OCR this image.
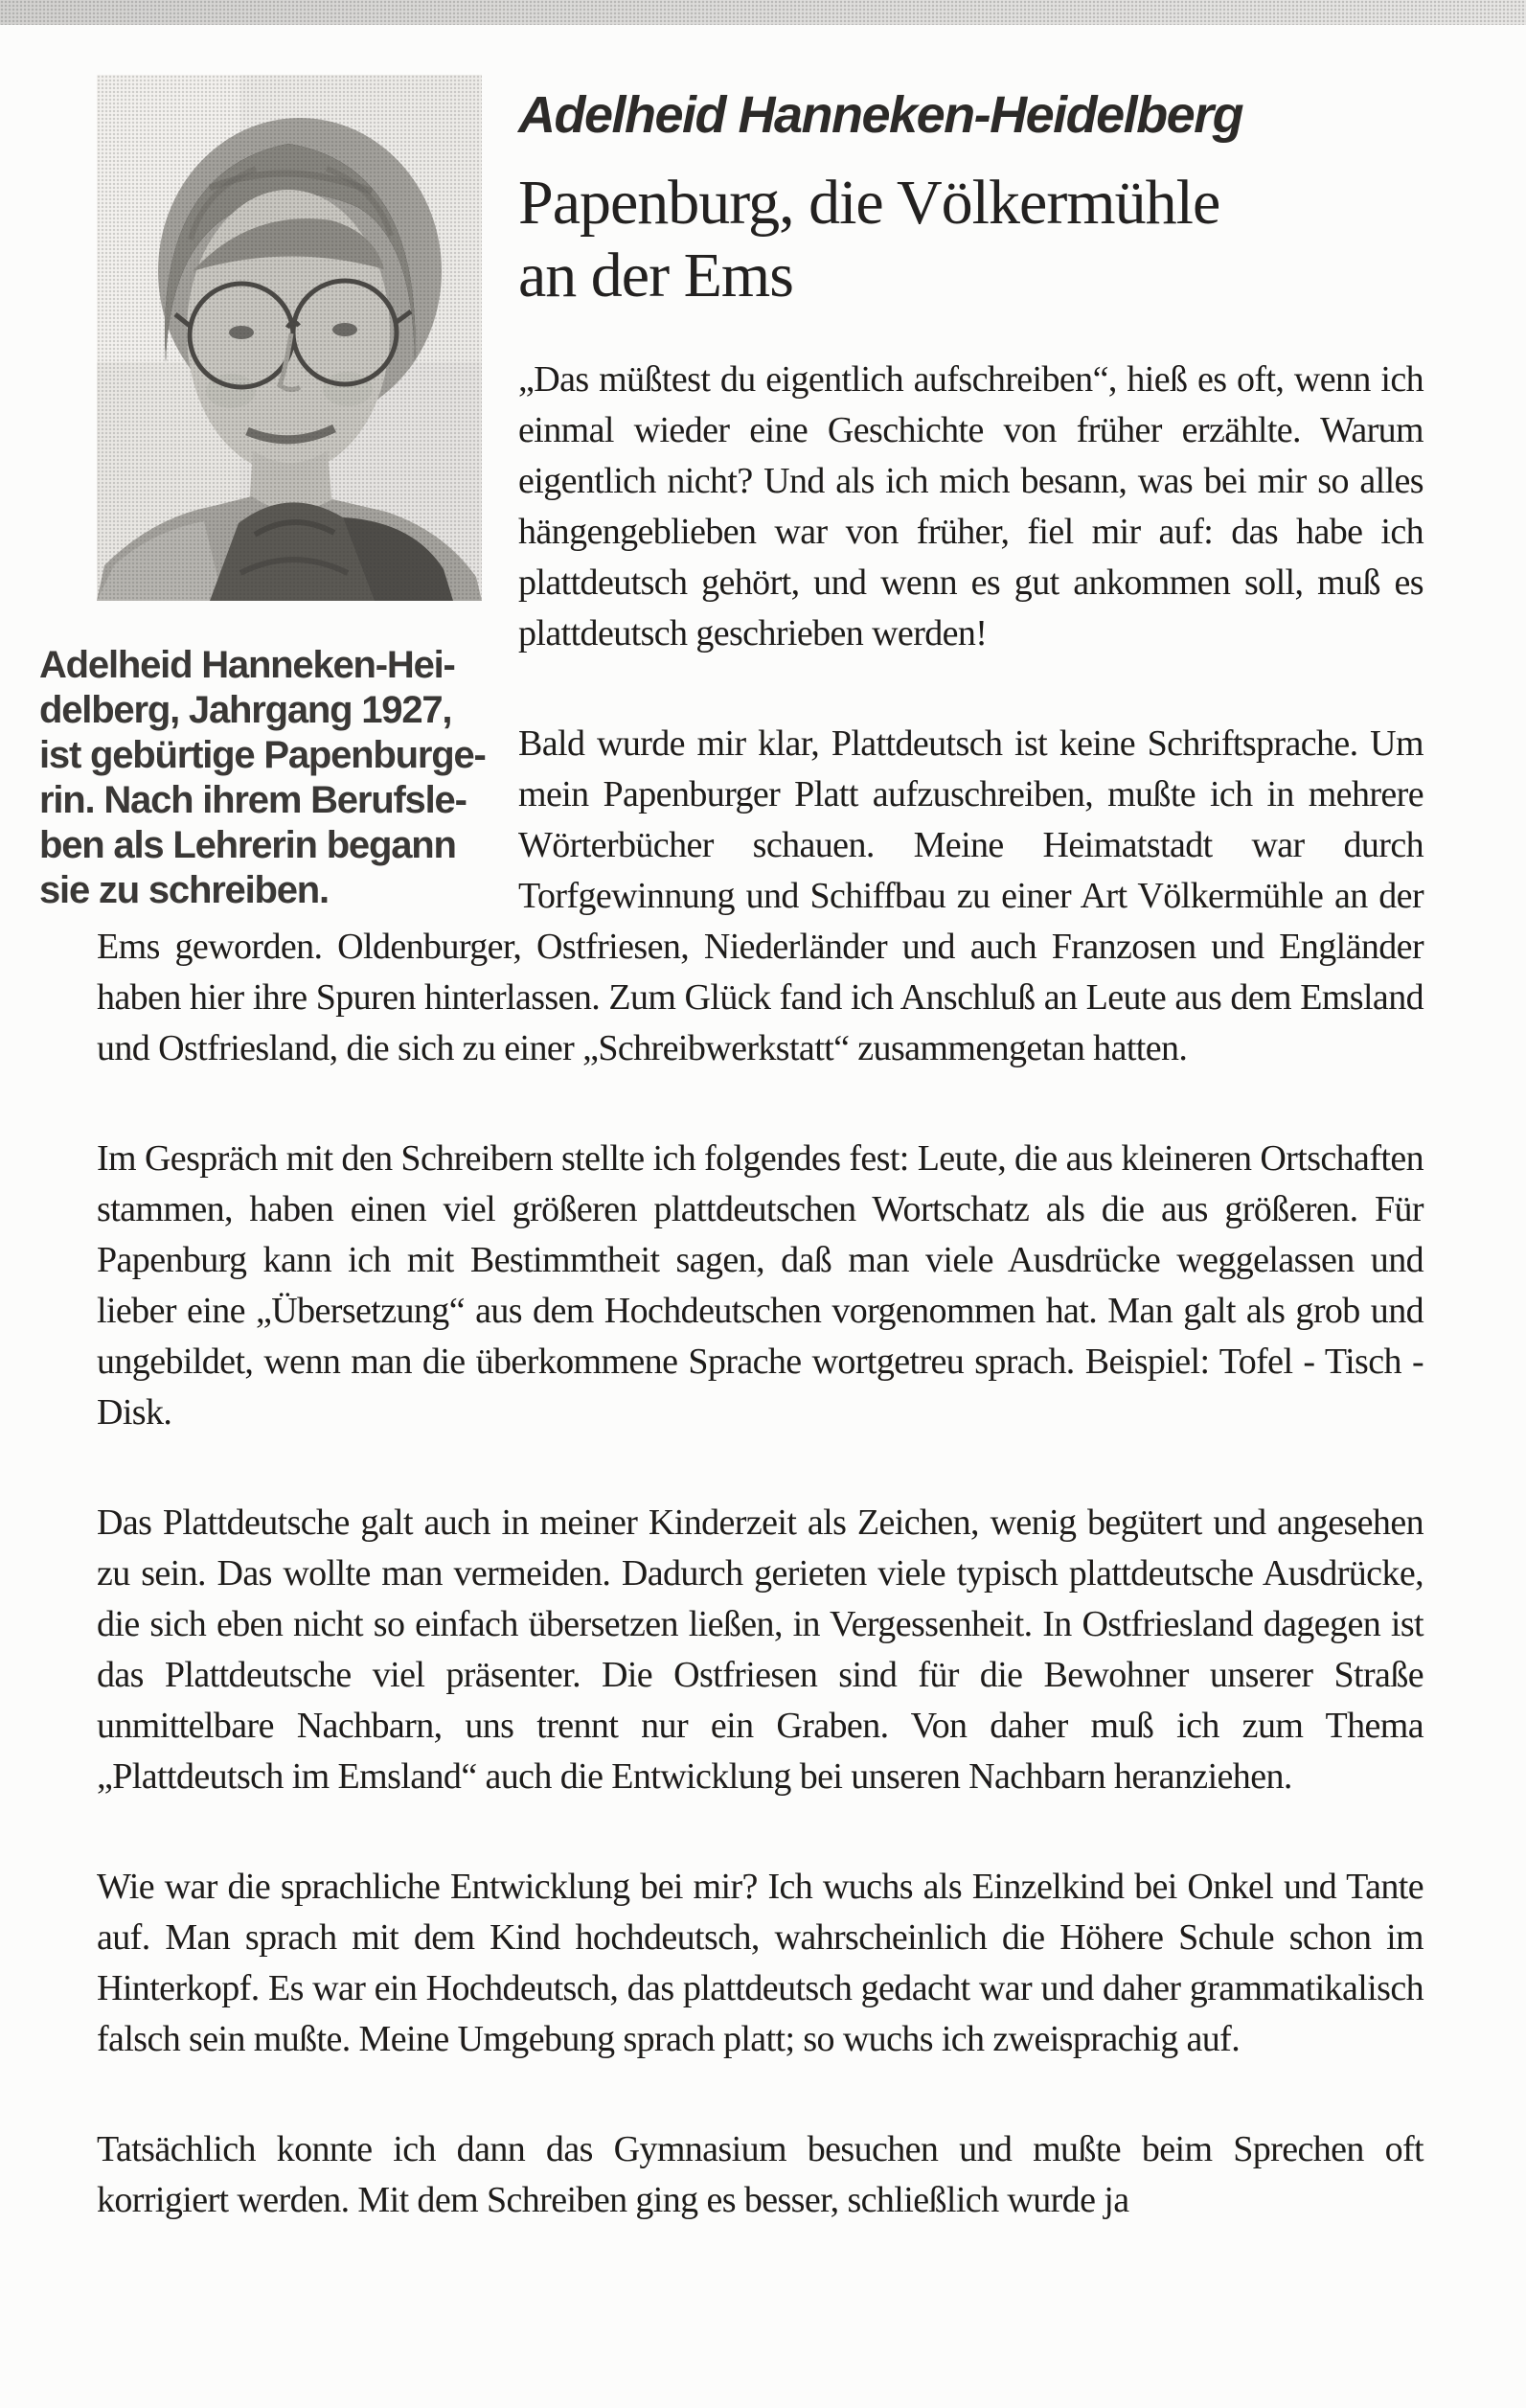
Adelheid Hanneken-Hei-
delberg, Jahrgang 1927,
ist gebürtige Papenburge-
rin. Nach ihrem Berufsle-
ben als Lehrerin begann
sie zu schreiben.
Adelheid Hanneken-Heidelberg
Papenburg, die Völkermühle
an der Ems

„Das müßtest du eigentlich aufschreiben“, hieß es oft, wenn ich einmal wieder eine Geschichte von früher erzählte. Warum eigentlich nicht? Und als ich mich besann, was bei mir so alles hängengeblieben war von früher, fiel mir auf: das habe ich plattdeutsch gehört, und wenn es gut ankommen soll, muß es plattdeutsch geschrieben werden!

Bald wurde mir klar, Plattdeutsch ist keine Schriftsprache. Um mein Papenburger Platt aufzuschreiben, mußte ich in mehrere Wörterbücher schauen. Meine Heimatstadt war durch Torfgewinnung und Schiffbau zu einer Art Völkermühle an der Ems geworden. Oldenburger, Ostfriesen, Niederländer und auch Franzosen und Engländer haben hier ihre Spuren hinterlassen. Zum Glück fand ich Anschluß an Leute aus dem Emsland und Ostfriesland, die sich zu einer „Schreibwerkstatt“ zusammengetan hatten.

Im Gespräch mit den Schreibern stellte ich folgendes fest: Leute, die aus kleineren Ortschaften stammen, haben einen viel größeren plattdeutschen Wortschatz als die aus größeren. Für Papenburg kann ich mit Bestimmtheit sagen, daß man viele Ausdrücke weggelassen und lieber eine „Übersetzung“ aus dem Hochdeutschen vorgenommen hat. Man galt als grob und ungebildet, wenn man die überkommene Sprache wortgetreu sprach. Beispiel: Tofel - Tisch - Disk.

Das Plattdeutsche galt auch in meiner Kinderzeit als Zeichen, wenig begütert und angesehen zu sein. Das wollte man vermeiden. Dadurch gerieten viele typisch plattdeutsche Ausdrücke, die sich eben nicht so einfach übersetzen ließen, in Vergessenheit. In Ostfriesland dagegen ist das Plattdeutsche viel präsenter. Die Ostfriesen sind für die Bewohner unserer Straße unmittelbare Nachbarn, uns trennt nur ein Graben. Von daher muß ich zum Thema „Plattdeutsch im Emsland“ auch die Entwicklung bei unseren Nachbarn heranziehen.

Wie war die sprachliche Entwicklung bei mir? Ich wuchs als Einzelkind bei Onkel und Tante auf. Man sprach mit dem Kind hochdeutsch, wahrscheinlich die Höhere Schule schon im Hinterkopf. Es war ein Hochdeutsch, das plattdeutsch gedacht war und daher grammatikalisch falsch sein mußte. Meine Umgebung sprach platt; so wuchs ich zweisprachig auf.

Tatsächlich konnte ich dann das Gymnasium besuchen und mußte beim Sprechen oft korrigiert werden. Mit dem Schreiben ging es besser, schließlich wurde ja
